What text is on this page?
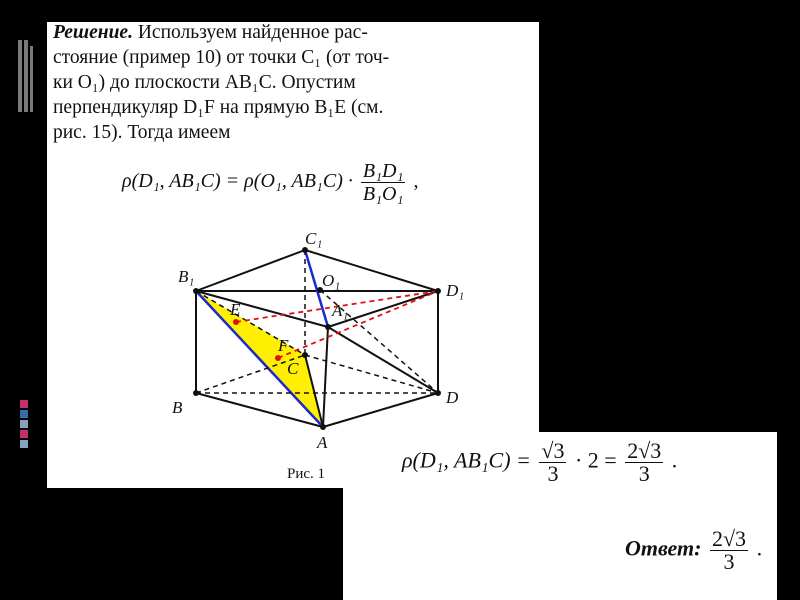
Решение. Используем найденное рас-
стояние (пример 10) от точки C₁ (от точ-
ки O₁) до плоскости AB₁C. Опустим
перпендикуляр D₁F на прямую B₁E (см.
рис. 15). Тогда имеем

ρ(D₁, AB₁C) = ρ(O₁, $AB_1C) \cdot \frac{\text{B₁D₁}}{\text{B₁O₁}}$ ,
C₁
B₁
D₁
O₁
A₁
E
F
C
B
D
A
Рис. 1
ρ(D₁, $AB_1C) = \frac{√3}{3} \cdot 2 = \frac{2√3}{3}$ .
Ответ: $\frac{2√3}{3}$ .
